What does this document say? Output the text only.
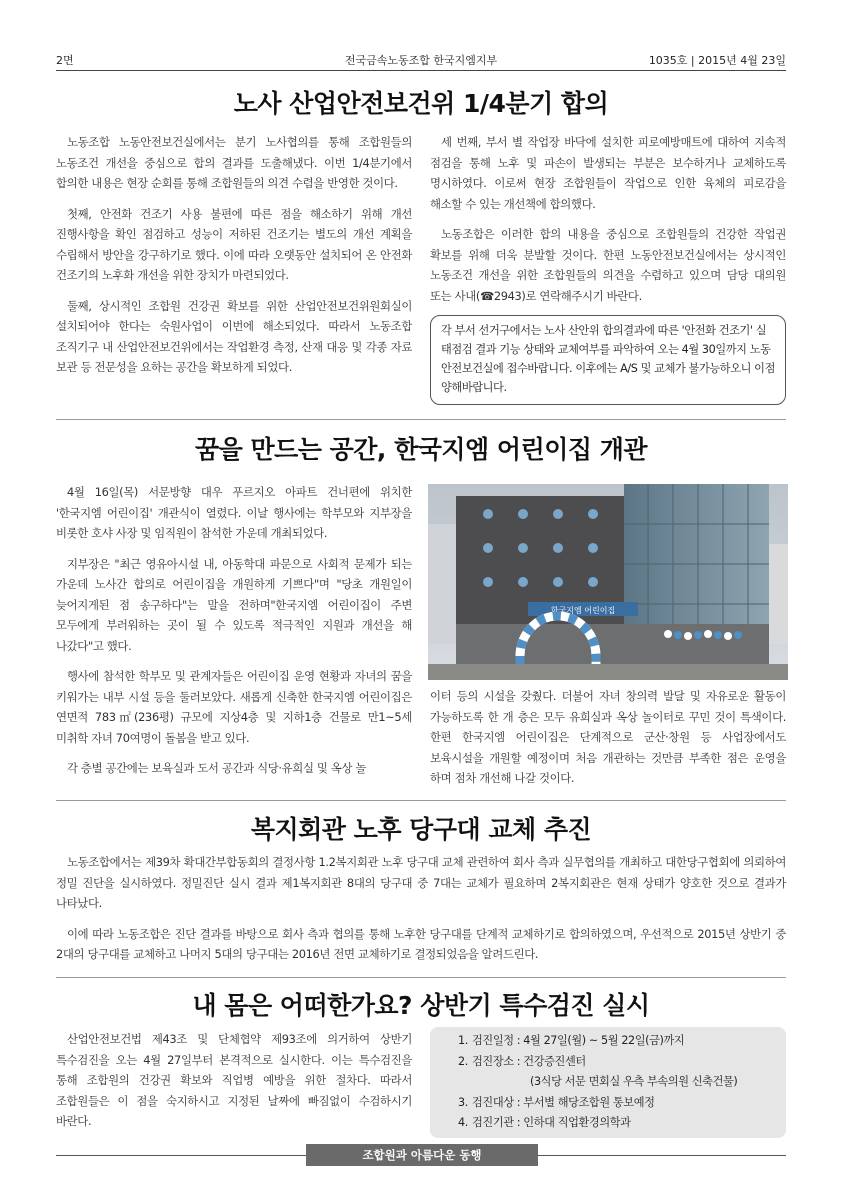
2면	전국금속노동조합 한국지엠지부	1035호 | 2015년 4월 23일
노사 산업안전보건위 1/4분기 합의

노동조합 노동안전보건실에서는 분기 노사협의를 통해 조합원들의 노동조건 개선을 중심으로 합의 결과를 도출해냈다. 이번 1/4분기에서 합의한 내용은 현장 순회를 통해 조합원들의 의견 수렴을 반영한 것이다.

첫째, 안전화 건조기 사용 불편에 따른 점을 해소하기 위해 개선 진행사항을 확인 점검하고 성능이 저하된 건조기는 별도의 개선 계획을 수립해서 방안을 강구하기로 했다. 이에 따라 오랫동안 설치되어 온 안전화 건조기의 노후화 개선을 위한 장치가 마련되었다.

둘째, 상시적인 조합원 건강권 확보를 위한 산업안전보건위원회실이 설치되어야 한다는 숙원사업이 이번에 해소되었다. 따라서 노동조합 조직기구 내 산업안전보건위에서는 작업환경 측정, 산재 대응 및 각종 자료 보관 등 전문성을 요하는 공간을 확보하게 되었다.

세 번째, 부서 별 작업장 바닥에 설치한 피로예방매트에 대하여 지속적 점검을 통해 노후 및 파손이 발생되는 부분은 보수하거나 교체하도록 명시하였다. 이로써 현장 조합원들이 작업으로 인한 육체의 피로감을 해소할 수 있는 개선책에 합의했다.

노동조합은 이러한 합의 내용을 중심으로 조합원들의 건강한 작업권 확보를 위해 더욱 분발할 것이다. 한편 노동안전보건실에서는 상시적인 노동조건 개선을 위한 조합원들의 의견을 수렴하고 있으며 담당 대의원 또는 사내(☎2943)로 연락해주시기 바란다.

각 부서 선거구에서는 노사 산안위 합의결과에 따른 '안전화 건조기' 실태점검 결과 기능 상태와 교체여부를 파악하여 오는 4월 30일까지 노동안전보건실에 접수바랍니다. 이후에는 A/S 및 교체가 불가능하오니 이점 양해바랍니다.
꿈을 만드는 공간, 한국지엠 어린이집 개관

4월 16일(목) 서문방향 대우 푸르지오 아파트 건너편에 위치한 '한국지엠 어린이집' 개관식이 열렸다. 이날 행사에는 학부모와 지부장을 비롯한 호샤 사장 및 임직원이 참석한 가운데 개최되었다.

지부장은 "최근 영유아시설 내, 아동학대 파문으로 사회적 문제가 되는 가운데 노사간 합의로 어린이집을 개원하게 기쁘다"며 "당초 개원일이 늦어지게된 점 송구하다"는 말을 전하며"한국지엠 어린이집이 주변 모두에게 부러워하는 곳이 될 수 있도록 적극적인 지원과 개선을 해 나갔다"고 했다.

행사에 참석한 학부모 및 관계자들은 어린이집 운영 현황과 자녀의 꿈을 키워가는 내부 시설 등을 둘러보았다. 새롭게 신축한 한국지엠 어린이집은 연면적 783㎡(236평) 규모에 지상4층 및 지하1층 건물로 만1~5세 미취학 자녀 70여명이 돌봄을 받고 있다.

각 층별 공간에는 보육실과 도서 공간과 식당·유희실 및 옥상 놀

한국지엠 어린이집

이터 등의 시설을 갖췄다. 더불어 자녀 창의력 발달 및 자유로운 활동이 가능하도록 한 개 층은 모두 유희실과 옥상 놀이터로 꾸민 것이 특색이다. 한편 한국지엠 어린이집은 단계적으로 군산·창원 등 사업장에서도 보육시설을 개원할 예정이며 처음 개관하는 것만큼 부족한 점은 운영을 하며 점차 개선해 나갈 것이다.

복지회관 노후 당구대 교체 추진

노동조합에서는 제39차 확대간부합동회의 결정사항 1.2복지회관 노후 당구대 교체 관련하여 회사 측과 실무협의를 개최하고 대한당구협회에 의뢰하여 정밀 진단을 실시하였다. 정밀진단 실시 결과 제1복지회관 8대의 당구대 중 7대는 교체가 필요하며 2복지회관은 현재 상태가 양호한 것으로 결과가 나타났다.

이에 따라 노동조합은 진단 결과를 바탕으로 회사 측과 협의를 통해 노후한 당구대를 단계적 교체하기로 합의하였으며, 우선적으로 2015년 상반기 중 2대의 당구대를 교체하고 나머지 5대의 당구대는 2016년 전면 교체하기로 결정되었음을 알려드린다.

내 몸은 어떠한가요? 상반기 특수검진 실시

산업안전보건법 제43조 및 단체협약 제93조에 의거하여 상반기 특수검진을 오는 4월 27일부터 본격적으로 실시한다. 이는 특수검진을 통해 조합원의 건강권 확보와 직업병 예방을 위한 절차다. 따라서 조합원들은 이 점을 숙지하시고 지정된 날짜에 빠짐없이 수검하시기 바란다.

1. 검진일정 : 4월 27일(월) ~ 5월 22일(금)까지
2. 검진장소 : 건강증진센터
(3식당 서문 면회실 우측 부속의원 신축건물)
3. 검진대상 : 부서별 해당조합원 통보예정
4. 검진기관 : 인하대 직업환경의학과
조합원과 아름다운 동행
